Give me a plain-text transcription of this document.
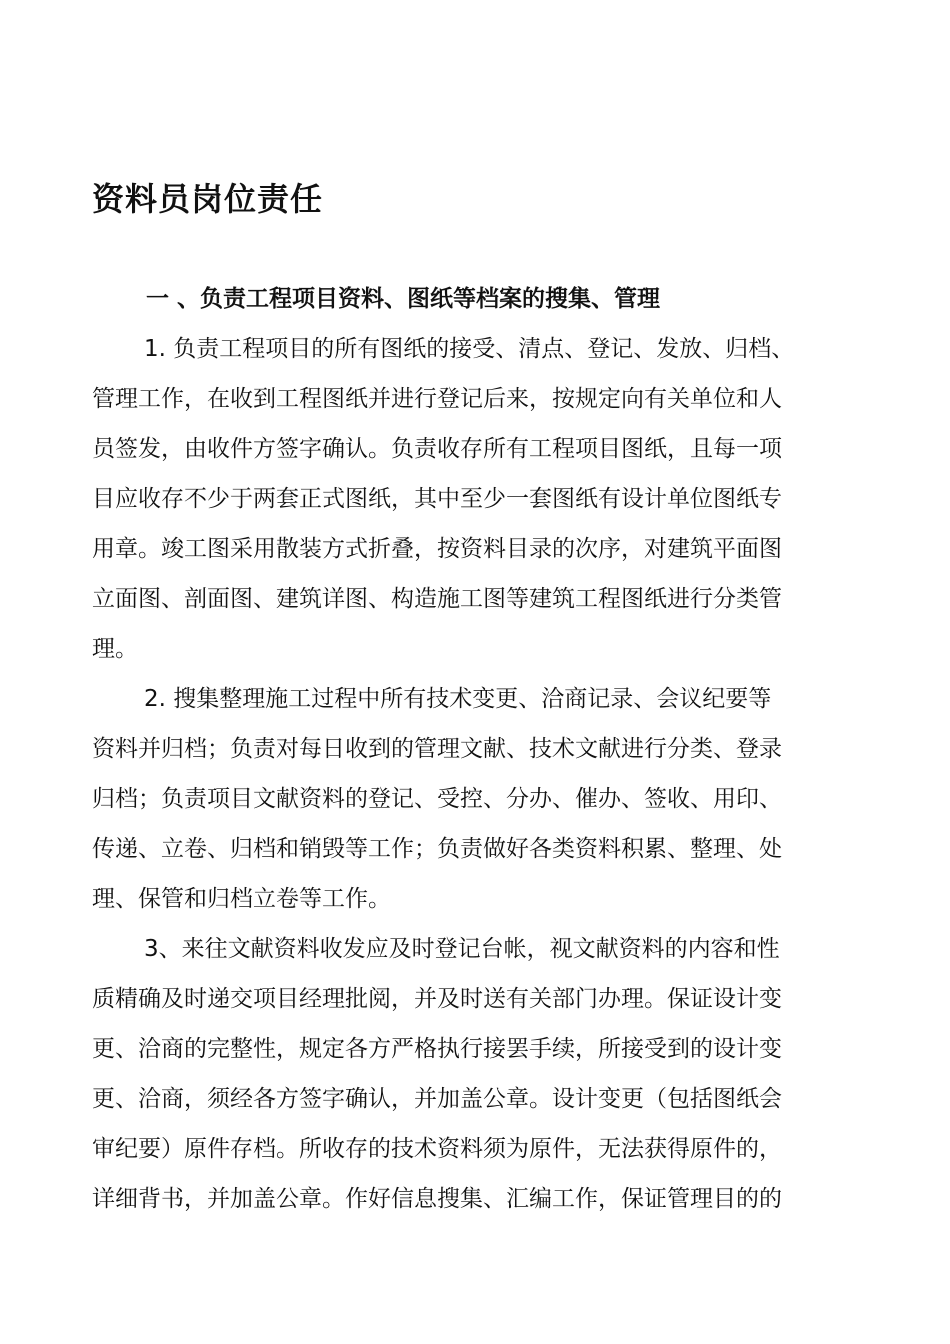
资料员岗位责任
一 、负责工程项目资料、图纸等档案的搜集、管理
1. 负责工程项目的所有图纸的接受、清点、登记、发放、归档、
管理工作，在收到工程图纸并进行登记后来，按规定向有关单位和人
员签发，由收件方签字确认。负责收存所有工程项目图纸，且每一项
目应收存不少于两套正式图纸，其中至少一套图纸有设计单位图纸专
用章。竣工图采用散装方式折叠，按资料目录的次序，对建筑平面图
立面图、剖面图、建筑详图、构造施工图等建筑工程图纸进行分类管
理。
2. 搜集整理施工过程中所有技术变更、洽商记录、会议纪要等
资料并归档；负责对每日收到的管理文献、技术文献进行分类、登录
归档；负责项目文献资料的登记、受控、分办、催办、签收、用印、
传递、立卷、归档和销毁等工作；负责做好各类资料积累、整理、处
理、保管和归档立卷等工作。
3、来往文献资料收发应及时登记台帐，视文献资料的内容和性
质精确及时递交项目经理批阅，并及时送有关部门办理。保证设计变
更、洽商的完整性，规定各方严格执行接罢手续，所接受到的设计变
更、洽商，须经各方签字确认，并加盖公章。设计变更（包括图纸会
审纪要）原件存档。所收存的技术资料须为原件，无法获得原件的，
详细背书，并加盖公章。作好信息搜集、汇编工作，保证管理目的的
